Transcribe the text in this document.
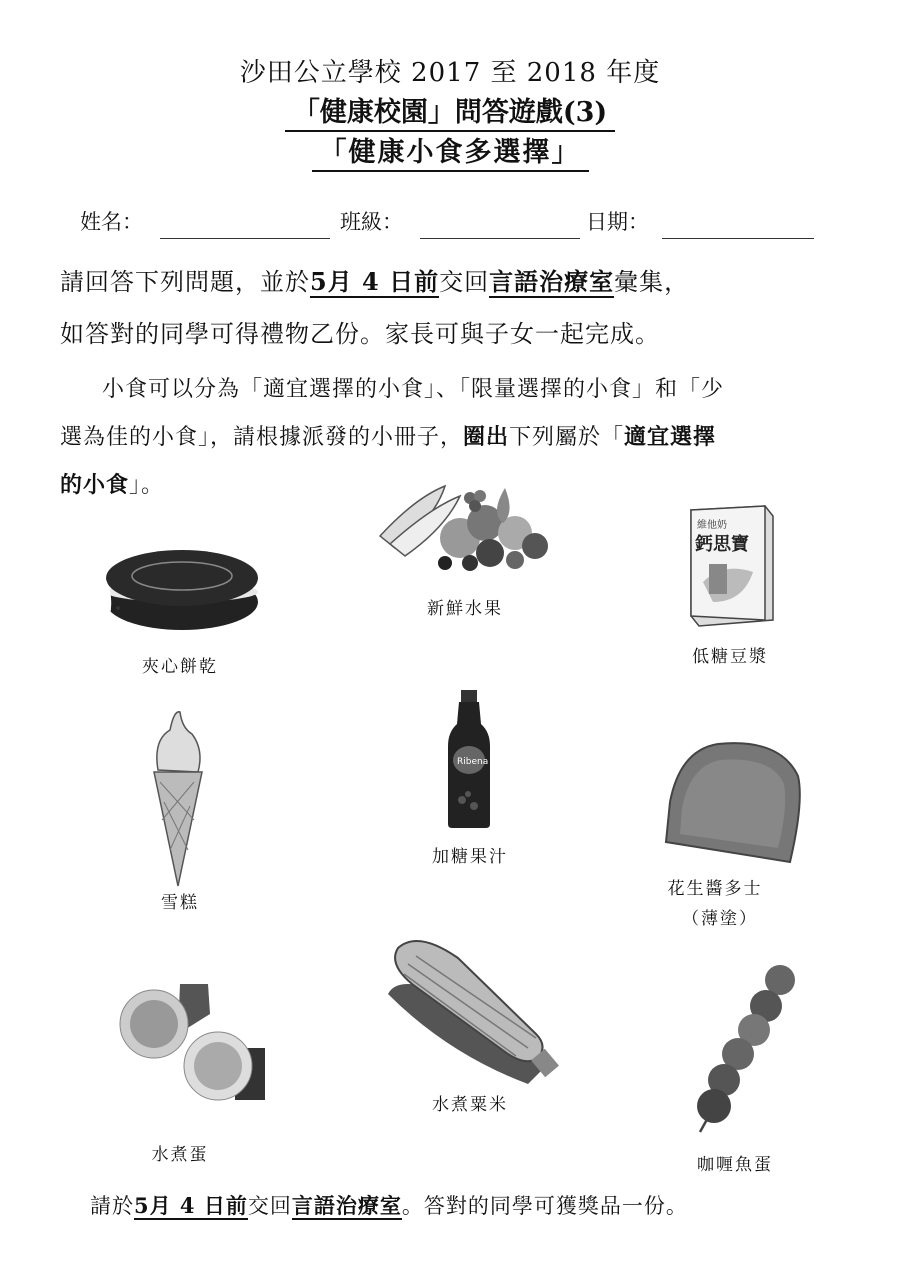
沙田公立學校 2017 至 2018 年度
「健康校園」問答遊戲(3)
「健康小食多選擇」
姓名：	班級：	日期：
請回答下列問題，並於5月 4 日前交回言語治療室彙集，
如答對的同學可得禮物乙份。家長可與子女一起完成。
小食可以分為「適宜選擇的小食」、「限量選擇的小食」和「少
選為佳的小食」，請根據派發的小冊子，圈出下列屬於「適宜選擇
的小食」。
夾心餅乾
新鮮水果
維他奶
鈣思寶
低糖豆漿
雪糕
Ribena
加糖果汁
花生醬多士
（薄塗）
水煮蛋
水煮粟米
咖喱魚蛋
請於5月 4 日前交回言語治療室。答對的同學可獲獎品一份。
